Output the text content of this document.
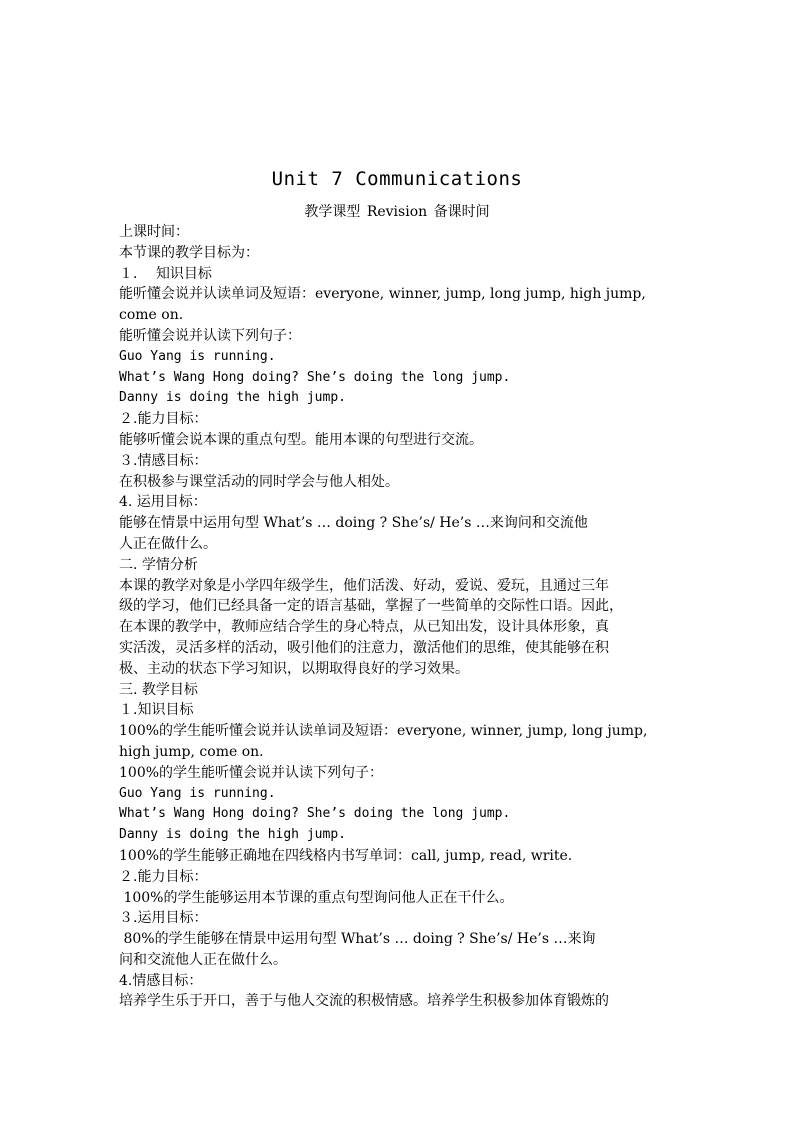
Unit 7 Communications
教学课型 Revision 备课时间
上课时间：
本节课的教学目标为：
１．  知识目标
能听懂会说并认读单词及短语：everyone, winner, jump, long jump, high jump,
come on.
能听懂会说并认读下列句子：
Guo Yang is running.
What’s Wang Hong doing? She’s doing the long jump.
Danny is doing the high jump.
２.能力目标：
能够听懂会说本课的重点句型。能用本课的句型进行交流。
３.情感目标：
在积极参与课堂活动的同时学会与他人相处。
4. 运用目标：
能够在情景中运用句型 What’s … doing ? She’s/ He’s …来询问和交流他
人正在做什么。
二. 学情分析
本课的教学对象是小学四年级学生，他们活泼、好动，爱说、爱玩，且通过三年
级的学习，他们已经具备一定的语言基础，掌握了一些简单的交际性口语。因此，
在本课的教学中，教师应结合学生的身心特点，从已知出发，设计具体形象，真
实活泼，灵活多样的活动，吸引他们的注意力，激活他们的思维，使其能够在积
极、主动的状态下学习知识，以期取得良好的学习效果。
三. 教学目标
１.知识目标
100%的学生能听懂会说并认读单词及短语：everyone, winner, jump, long jump,
high jump, come on.
100%的学生能听懂会说并认读下列句子：
Guo Yang is running.
What’s Wang Hong doing? She’s doing the long jump.
Danny is doing the high jump.
100%的学生能够正确地在四线格内书写单词：call, jump, read, write.
２.能力目标：
100%的学生能够运用本节课的重点句型询问他人正在干什么。
３.运用目标：
80%的学生能够在情景中运用句型 What’s … doing ? She’s/ He’s …来询
问和交流他人正在做什么。
4.情感目标：
培养学生乐于开口，善于与他人交流的积极情感。培养学生积极参加体育锻炼的
